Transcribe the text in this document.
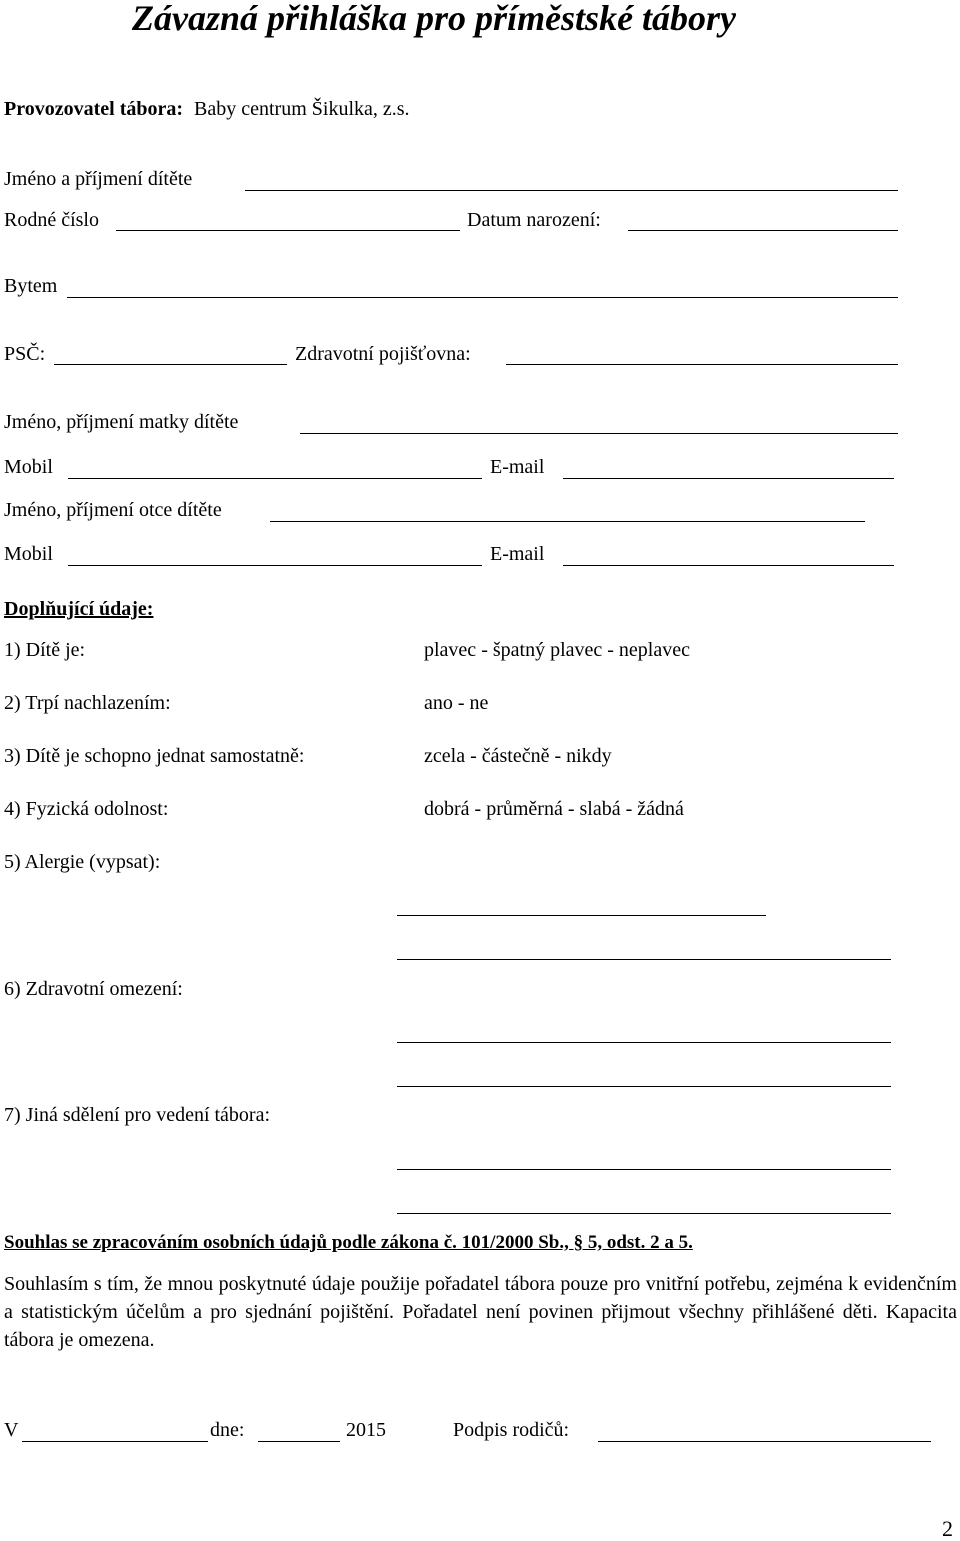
Závazná přihláška pro příměstské tábory
Provozovatel tábora: Baby centrum Šikulka, z.s.
Jméno a příjmení dítěte
Rodné číslo	Datum narození:
Bytem
PSČ:	Zdravotní pojišťovna:
Jméno, příjmení matky dítěte
Mobil	E-mail
Jméno, příjmení otce dítěte
Mobil	E-mail
Doplňující údaje:
1) Dítě je:	plavec - špatný plavec - neplavec
2) Trpí nachlazením:	ano - ne
3) Dítě je schopno jednat samostatně:	zcela - částečně - nikdy
4) Fyzická odolnost:	dobrá - průměrná - slabá - žádná
5) Alergie (vypsat):
6) Zdravotní omezení:
7) Jiná sdělení pro vedení tábora:
Souhlas se zpracováním osobních údajů podle zákona č. 101/2000 Sb., § 5, odst. 2 a 5.
Souhlasím s tím, že mnou poskytnuté údaje použije pořadatel tábora pouze pro vnitřní potřebu, zejména k evidenčním a statistickým účelům a pro sjednání pojištění. Pořadatel není povinen přijmout všechny přihlášené děti. Kapacita tábora je omezena.
V	dne:	2015	Podpis rodičů:
2
